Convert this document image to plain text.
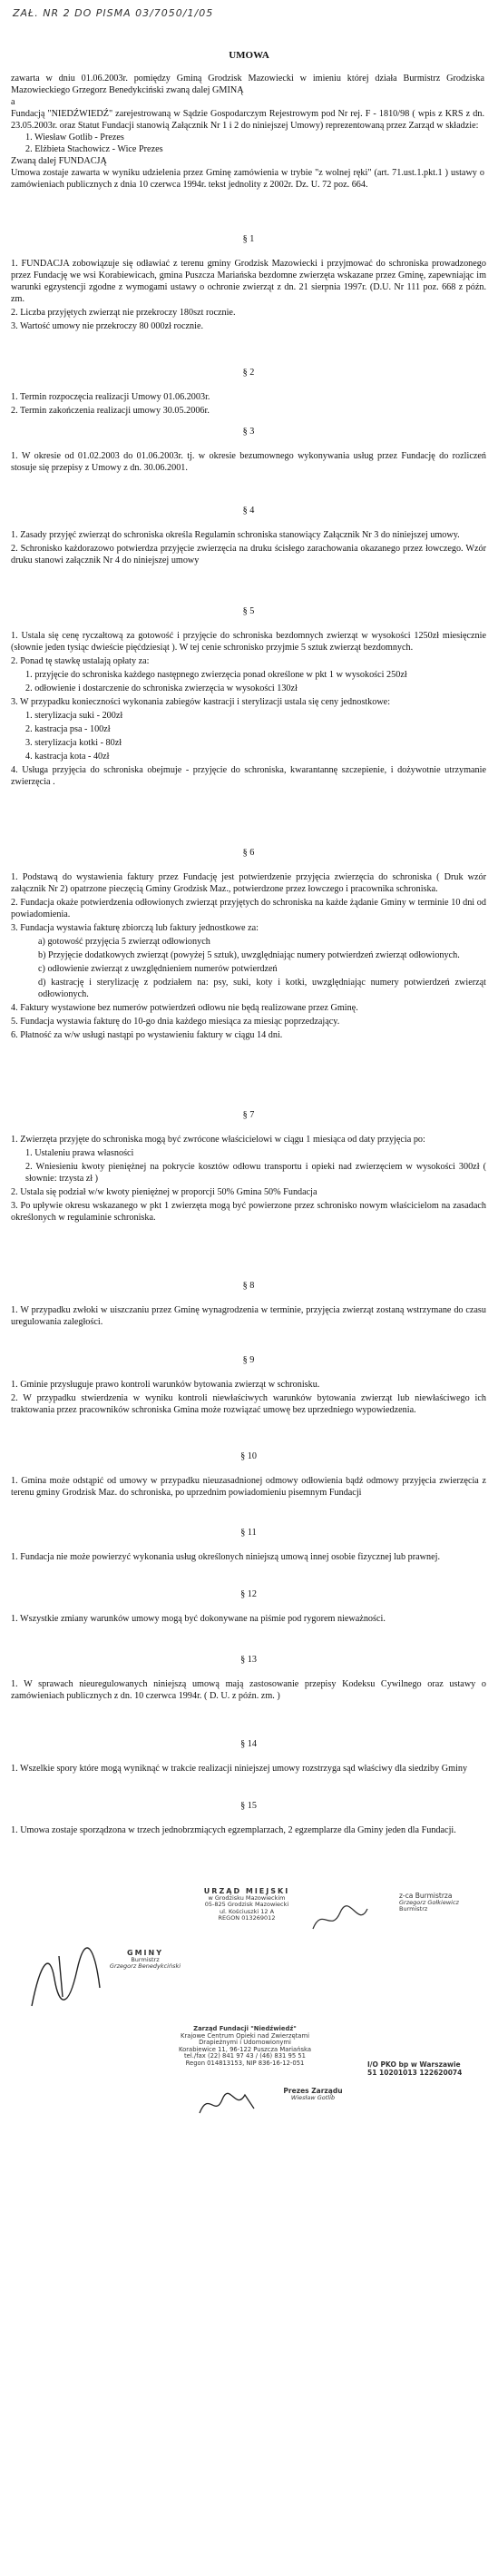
ZAŁ. NR 2 DO PISMA 03/7050/1/05
UMOWA

zawarta w dniu 01.06.2003r. pomiędzy Gminą Grodzisk Mazowiecki w imieniu której działa Burmistrz Grodziska Mazowieckiego Grzegorz Benedykciński zwaną dalej GMINĄ

a

Fundacją "NIEDŹWIEDŹ" zarejestrowaną w Sądzie Gospodarczym Rejestrowym pod Nr rej. F - 1810/98 ( wpis z KRS z dn. 23.05.2003r. oraz Statut Fundacji stanowią Załącznik Nr 1 i 2 do niniejszej Umowy) reprezentowaną przez Zarząd w składzie:

1. Wiesław Gotlib - Prezes

2. Elżbieta Stachowicz - Wice Prezes

Zwaną dalej FUNDACJĄ

Umowa zostaje zawarta w wyniku udzielenia przez Gminę zamówienia w trybie "z wolnej ręki" (art. 71.ust.1.pkt.1 ) ustawy o zamówieniach publicznych z dnia 10 czerwca 1994r. tekst jednolity z 2002r. Dz. U. 72 poz. 664.

§ 1

1. FUNDACJA zobowiązuje się odławiać z terenu gminy Grodzisk Mazowiecki i przyjmować do schroniska prowadzonego przez Fundację we wsi Korabiewicach, gmina Puszcza Mariańska bezdomne zwierzęta wskazane przez Gminę, zapewniając im warunki egzystencji zgodne z wymogami ustawy o ochronie zwierząt z dn. 21 sierpnia 1997r. (D.U. Nr 111 poz. 668 z późn. zm.

2. Liczba przyjętych zwierząt nie przekroczy 180szt rocznie.

3. Wartość umowy nie przekroczy 80 000zł rocznie.

§ 2

1. Termin rozpoczęcia realizacji Umowy 01.06.2003r.

2. Termin zakończenia realizacji umowy 30.05.2006r.

§ 3

1. W okresie od 01.02.2003 do 01.06.2003r. tj. w okresie bezumownego wykonywania usług przez Fundację do rozliczeń stosuje się przepisy z Umowy z dn. 30.06.2001.

§ 4

1. Zasady przyjęć zwierząt do schroniska określa Regulamin schroniska stanowiący Załącznik Nr 3 do niniejszej umowy.

2. Schronisko każdorazowo potwierdza przyjęcie zwierzęcia na druku ścisłego zarachowania okazanego przez łowczego. Wzór druku stanowi załącznik Nr 4 do niniejszej umowy

§ 5

1. Ustala się cenę ryczałtową za gotowość i przyjęcie do schroniska bezdomnych zwierząt w wysokości 1250zł miesięcznie (słownie jeden tysiąc dwieście pięćdziesiąt ). W tej cenie schronisko przyjmie 5 sztuk zwierząt bezdomnych.

2. Ponad tę stawkę ustalają opłaty za:

1. przyjęcie do schroniska każdego następnego zwierzęcia ponad określone w pkt 1 w wysokości 250zł

2. odłowienie i dostarczenie do schroniska zwierzęcia w wysokości 130zł

3. W przypadku konieczności wykonania zabiegów kastracji i sterylizacji ustala się ceny jednostkowe:

1. sterylizacja suki - 200zł

2. kastracja psa - 100zł

3. sterylizacja kotki - 80zł

4. kastracja kota - 40zł

4. Usługa przyjęcia do schroniska obejmuje - przyjęcie do schroniska, kwarantannę szczepienie, i dożywotnie utrzymanie zwierzęcia .

§ 6

1. Podstawą do wystawienia faktury przez Fundację jest potwierdzenie przyjęcia zwierzęcia do schroniska ( Druk wzór załącznik Nr 2) opatrzone pieczęcią Gminy Grodzisk Maz., potwierdzone przez łowczego i pracownika schroniska.

2. Fundacja okaże potwierdzenia odłowionych zwierząt przyjętych do schroniska na każde żądanie Gminy w terminie 10 dni od powiadomienia.

3. Fundacja wystawia fakturę zbiorczą lub faktury jednostkowe za:

a) gotowość przyjęcia 5 zwierząt odłowionych

b) Przyjęcie dodatkowych zwierząt (powyżej 5 sztuk), uwzględniając numery potwierdzeń zwierząt odłowionych.

c) odłowienie zwierząt z uwzględnieniem numerów potwierdzeń

d) kastrację i sterylizację z podziałem na: psy, suki, koty i kotki, uwzględniając numery potwierdzeń zwierząt odłowionych.

4. Faktury wystawione bez numerów potwierdzeń odłowu nie będą realizowane przez Gminę.

5. Fundacja wystawia fakturę do 10-go dnia każdego miesiąca za miesiąc poprzedzający.

6. Płatność za w/w usługi nastąpi po wystawieniu faktury w ciągu 14 dni.

§ 7

1. Zwierzęta przyjęte do schroniska mogą być zwrócone właścicielowi w ciągu 1 miesiąca od daty przyjęcia po:

1. Ustaleniu prawa własności

2. Wniesieniu kwoty pieniężnej na pokrycie kosztów odłowu transportu i opieki nad zwierzęciem w wysokości 300zł ( słownie: trzysta zł )

2. Ustala się podział w/w kwoty pieniężnej w proporcji 50% Gmina 50% Fundacja

3. Po upływie okresu wskazanego w pkt 1 zwierzęta mogą być powierzone przez schronisko nowym właścicielom na zasadach określonych w regulaminie schroniska.

§ 8

1. W przypadku zwłoki w uiszczaniu przez Gminę wynagrodzenia w terminie, przyjęcia zwierząt zostaną wstrzymane do czasu uregulowania zaległości.

§ 9

1. Gminie przysługuje prawo kontroli warunków bytowania zwierząt w schronisku.

2. W przypadku stwierdzenia w wyniku kontroli niewłaściwych warunków bytowania zwierząt lub niewłaściwego ich traktowania przez pracowników schroniska Gmina może rozwiązać umowę bez uprzedniego wypowiedzenia.

§ 10

1. Gmina może odstąpić od umowy w przypadku nieuzasadnionej odmowy odłowienia bądź odmowy przyjęcia zwierzęcia z terenu gminy Grodzisk Maz. do schroniska, po uprzednim powiadomieniu pisemnym Fundacji

§ 11

1. Fundacja nie może powierzyć wykonania usług określonych niniejszą umową innej osobie fizycznej lub prawnej.

§ 12

1. Wszystkie zmiany warunków umowy mogą być dokonywane na piśmie pod rygorem nieważności.

§ 13

1. W sprawach nieuregulowanych niniejszą umową mają zastosowanie przepisy Kodeksu Cywilnego oraz ustawy o zamówieniach publicznych z dn. 10 czerwca 1994r. ( D. U. z późn. zm. )

§ 14

1. Wszelkie spory które mogą wyniknąć w trakcie realizacji niniejszej umowy rozstrzyga sąd właściwy dla siedziby Gminy

§ 15

1. Umowa zostaje sporządzona w trzech jednobrzmiących egzemplarzach, 2 egzemplarze dla Gminy jeden dla Fundacji.

URZĄD MIEJSKI
w Grodzisku Mazowieckim
05-825 Grodzisk Mazowiecki
ul. Kościuszki 12 A
REGON 013269012
z-ca Burmistrza
Grzegorz Gołkiewicz
Burmistrz
GMINY
Burmistrz
Grzegorz Benedykciński
Zarząd Fundacji "Niedźwiedź"
Krajowe Centrum Opieki nad Zwierzętami
Drapieżnymi i Udomowionymi
Korabiewice 11, 96-122 Puszcza Mariańska
tel./fax (22) 841 97 43 / (46) 831 95 51
Regon 014813153, NIP 836-16-12-051	I/O PKO bp w Warszawie
51 10201013 122620074
Prezes Zarządu
Wiesław Gotlib
